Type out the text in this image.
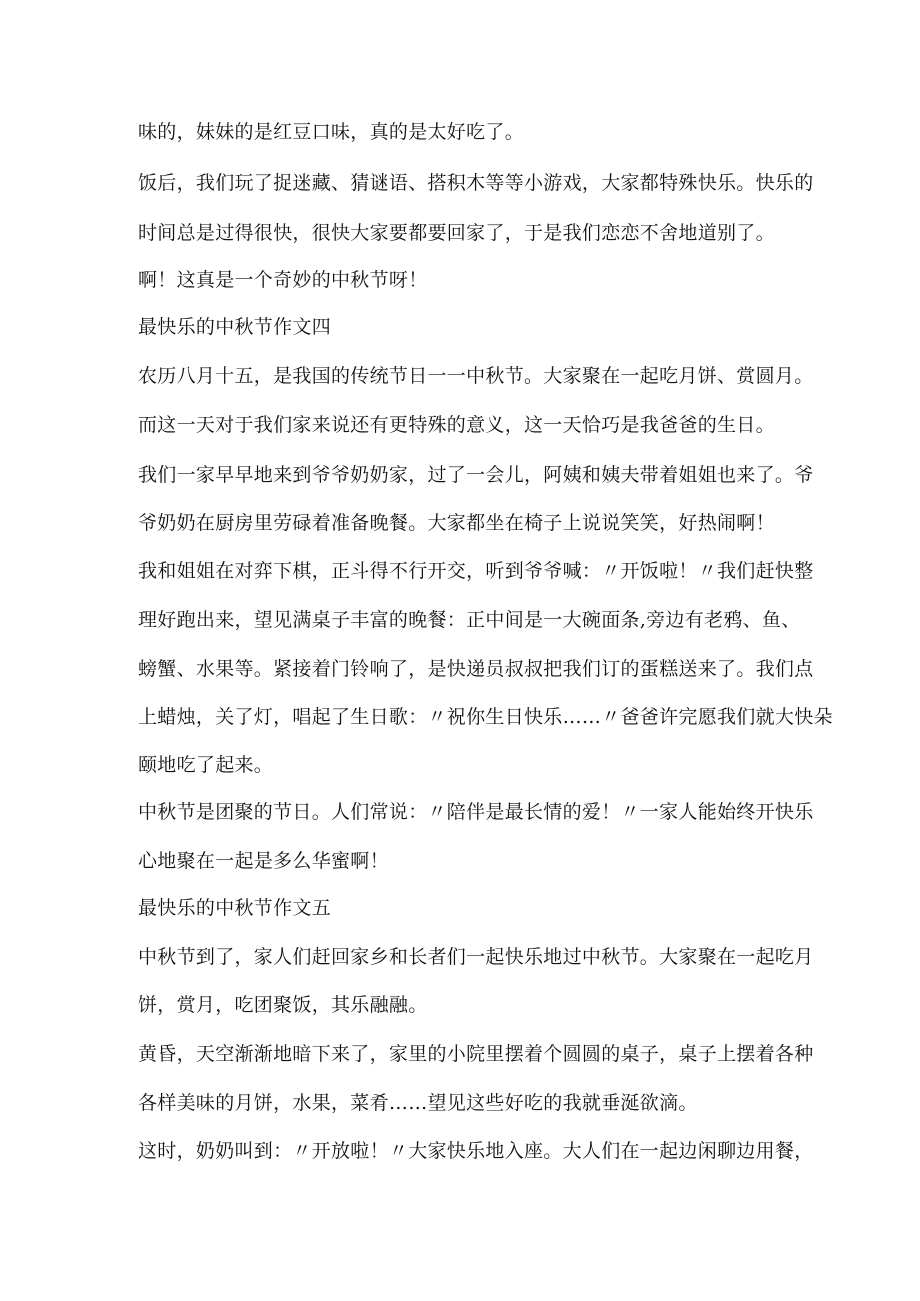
味的，妹妹的是红豆口味，真的是太好吃了。
饭后，我们玩了捉迷藏、猜谜语、搭积木等等小游戏，大家都特殊快乐。快乐的
时间总是过得很快，很快大家要都要回家了，于是我们恋恋不舍地道别了。
啊！这真是一个奇妙的中秋节呀！
最快乐的中秋节作文四
农历八月十五，是我国的传统节日一一中秋节。大家聚在一起吃月饼、赏圆月。
而这一天对于我们家来说还有更特殊的意义，这一天恰巧是我爸爸的生日。
我们一家早早地来到爷爷奶奶家，过了一会儿，阿姨和姨夫带着姐姐也来了。爷
爷奶奶在厨房里劳碌着准备晚餐。大家都坐在椅子上说说笑笑，好热闹啊！
我和姐姐在对弈下棋，正斗得不行开交，听到爷爷喊：〃开饭啦！〃我们赶快整
理好跑出来，望见满桌子丰富的晚餐：正中间是一大碗面条,旁边有老鸦、鱼、
螃蟹、水果等。紧接着门铃响了，是快递员叔叔把我们订的蛋糕送来了。我们点
上蜡烛，关了灯，唱起了生日歌：〃祝你生日快乐……〃爸爸许完愿我们就大快朵
颐地吃了起来。
中秋节是团聚的节日。人们常说：〃陪伴是最长情的爱！〃一家人能始终开快乐
心地聚在一起是多么华蜜啊！
最快乐的中秋节作文五
中秋节到了，家人们赶回家乡和长者们一起快乐地过中秋节。大家聚在一起吃月
饼，赏月，吃团聚饭，其乐融融。
黄昏，天空渐渐地暗下来了，家里的小院里摆着个圆圆的桌子，桌子上摆着各种
各样美味的月饼，水果，菜肴……望见这些好吃的我就垂涎欲滴。
这时，奶奶叫到：〃开放啦！〃大家快乐地入座。大人们在一起边闲聊边用餐，
